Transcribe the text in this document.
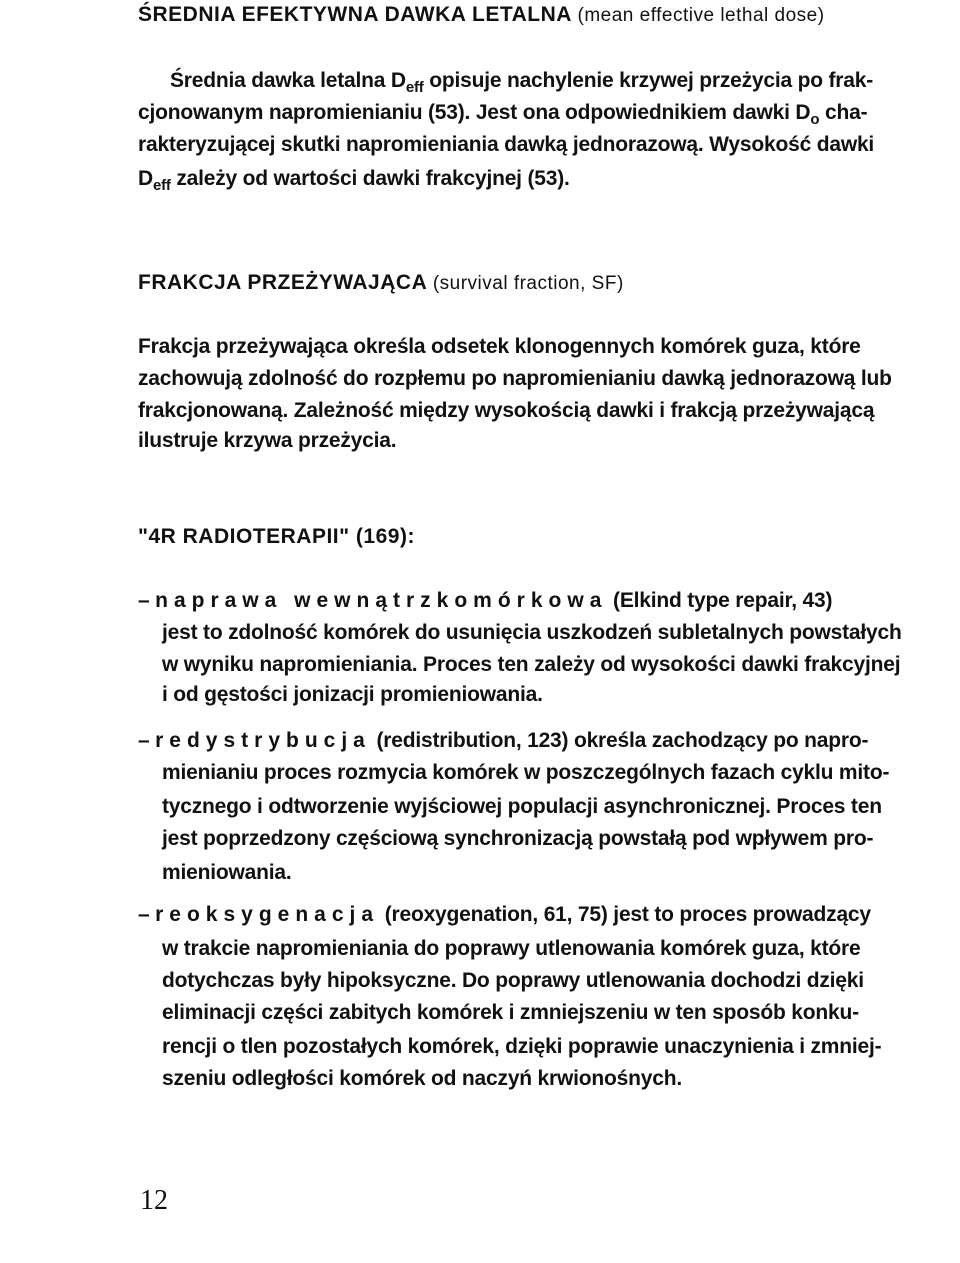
ŚREDNIA EFEKTYWNA DAWKA LETALNA (mean effective lethal dose)
Średnia dawka letalna $D_{eff}$ opisuje nachylenie krzywej przeżycia po frak-
cjonowanym napromienianiu (53). Jest ona odpowiednikiem dawki $D_o$ cha-
rakteryzującej skutki napromieniania dawką jednorazową. Wysokość dawki
$D_{eff}$ zależy od wartości dawki frakcyjnej (53).
FRAKCJA PRZEŻYWAJĄCA (survival fraction, SF)
Frakcja przeżywająca określa odsetek klonogennych komórek guza, które
zachowują zdolność do rozpłemu po napromienianiu dawką jednorazową lub
frakcjonowaną. Zależność między wysokością dawki i frakcją przeżywającą
ilustruje krzywa przeżycia.
"4R RADIOTERAPII" (169):
– naprawa wewnątrzkomórkowa (Elkind type repair, 43)
jest to zdolność komórek do usunięcia uszkodzeń subletalnych powstałych
w wyniku napromieniania. Proces ten zależy od wysokości dawki frakcyjnej
i od gęstości jonizacji promieniowania.
– redystrybucja (redistribution, 123) określa zachodzący po napro-
mienianiu proces rozmycia komórek w poszczególnych fazach cyklu mito-
tycznego i odtworzenie wyjściowej populacji asynchronicznej. Proces ten
jest poprzedzony częściową synchronizacją powstałą pod wpływem pro-
mieniowania.
– reoksygenacja (reoxygenation, 61, 75) jest to proces prowadzący
w trakcie napromieniania do poprawy utlenowania komórek guza, które
dotychczas były hipoksyczne. Do poprawy utlenowania dochodzi dzięki
eliminacji części zabitych komórek i zmniejszeniu w ten sposób konku-
rencji o tlen pozostałych komórek, dzięki poprawie unaczynienia i zmniej-
szeniu odległości komórek od naczyń krwionośnych.
12
